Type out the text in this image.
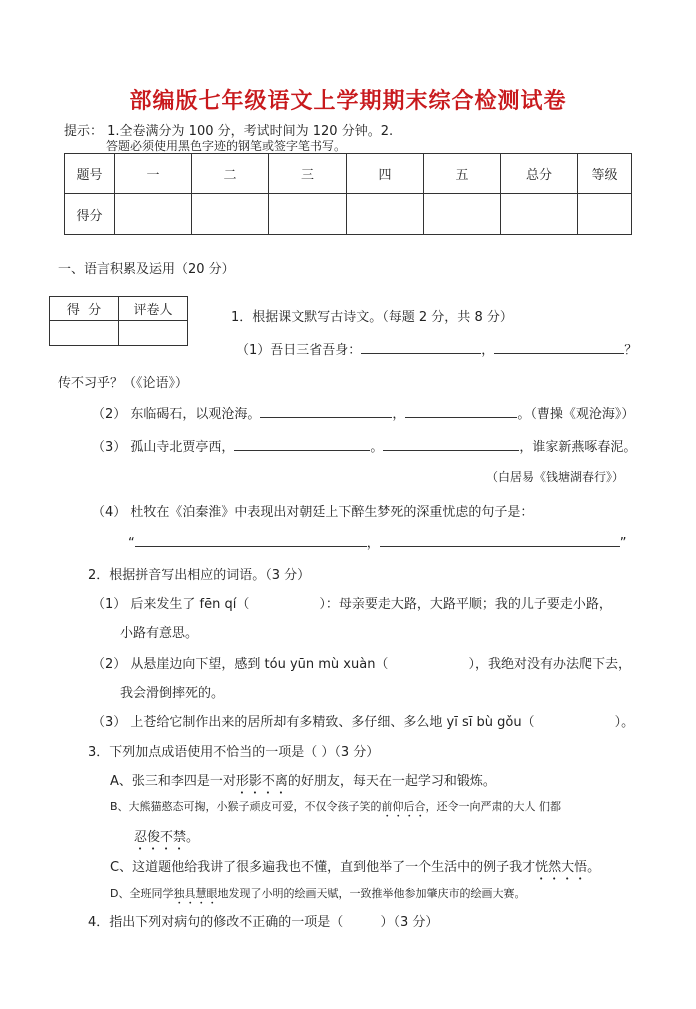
部编版七年级语文上学期期末综合检测试卷
提示： 1.全卷满分为 100 分，考试时间为 120 分钟。2.
答题必须使用黑色字迹的钢笔或签字笔书写。
题号	一	二	三	四	五	总分	等级
得分							
一、语言积累及运用（20 分）
得  分	评卷人
		1．根据课文默写古诗文。（每题 2 分，共 8 分）
（1）吾日三省吾身：	，	？
传不习乎？（《论语》）
（2） 东临碣石，以观沧海。	，	。（曹操《观沧海》）
（3） 孤山寺北贾亭西，	。	，谁家新燕啄春泥。
（白居易《钱塘湖春行》）
（4） 杜牧在《泊秦淮》中表现出对朝廷上下醉生梦死的深重忧虑的句子是：
“	，	”
2．根据拼音写出相应的词语。（3 分）
（1） 后来发生了 fēn qí（	）：母亲要走大路，大路平顺；我的儿子要走小路，
小路有意思。
（2） 从悬崖边向下望，感到 tóu yūn mù xuàn（	），我绝对没有办法爬下去，
我会滑倒摔死的。
（3） 上苍给它制作出来的居所却有多精致、多仔细、多么地 yī sī bù gǒu（	）。
3．下列加点成语使用不恰当的一项是（ ）（3 分）
A、张三和李四是一对形影不离的好朋友，每天在一起学习和锻炼。
B、大熊猫憨态可掬，小猴子顽皮可爱，不仅令孩子笑的前仰后合，还令一向严肃的大人 们都
忍俊不禁。
C、这道题他给我讲了很多遍我也不懂，直到他举了一个生活中的例子我才恍然大悟。
D、全班同学独具慧眼地发现了小明的绘画天赋，一致推举他参加肇庆市的绘画大赛。
4．指出下列对病句的修改不正确的一项是（         ）（3 分）
